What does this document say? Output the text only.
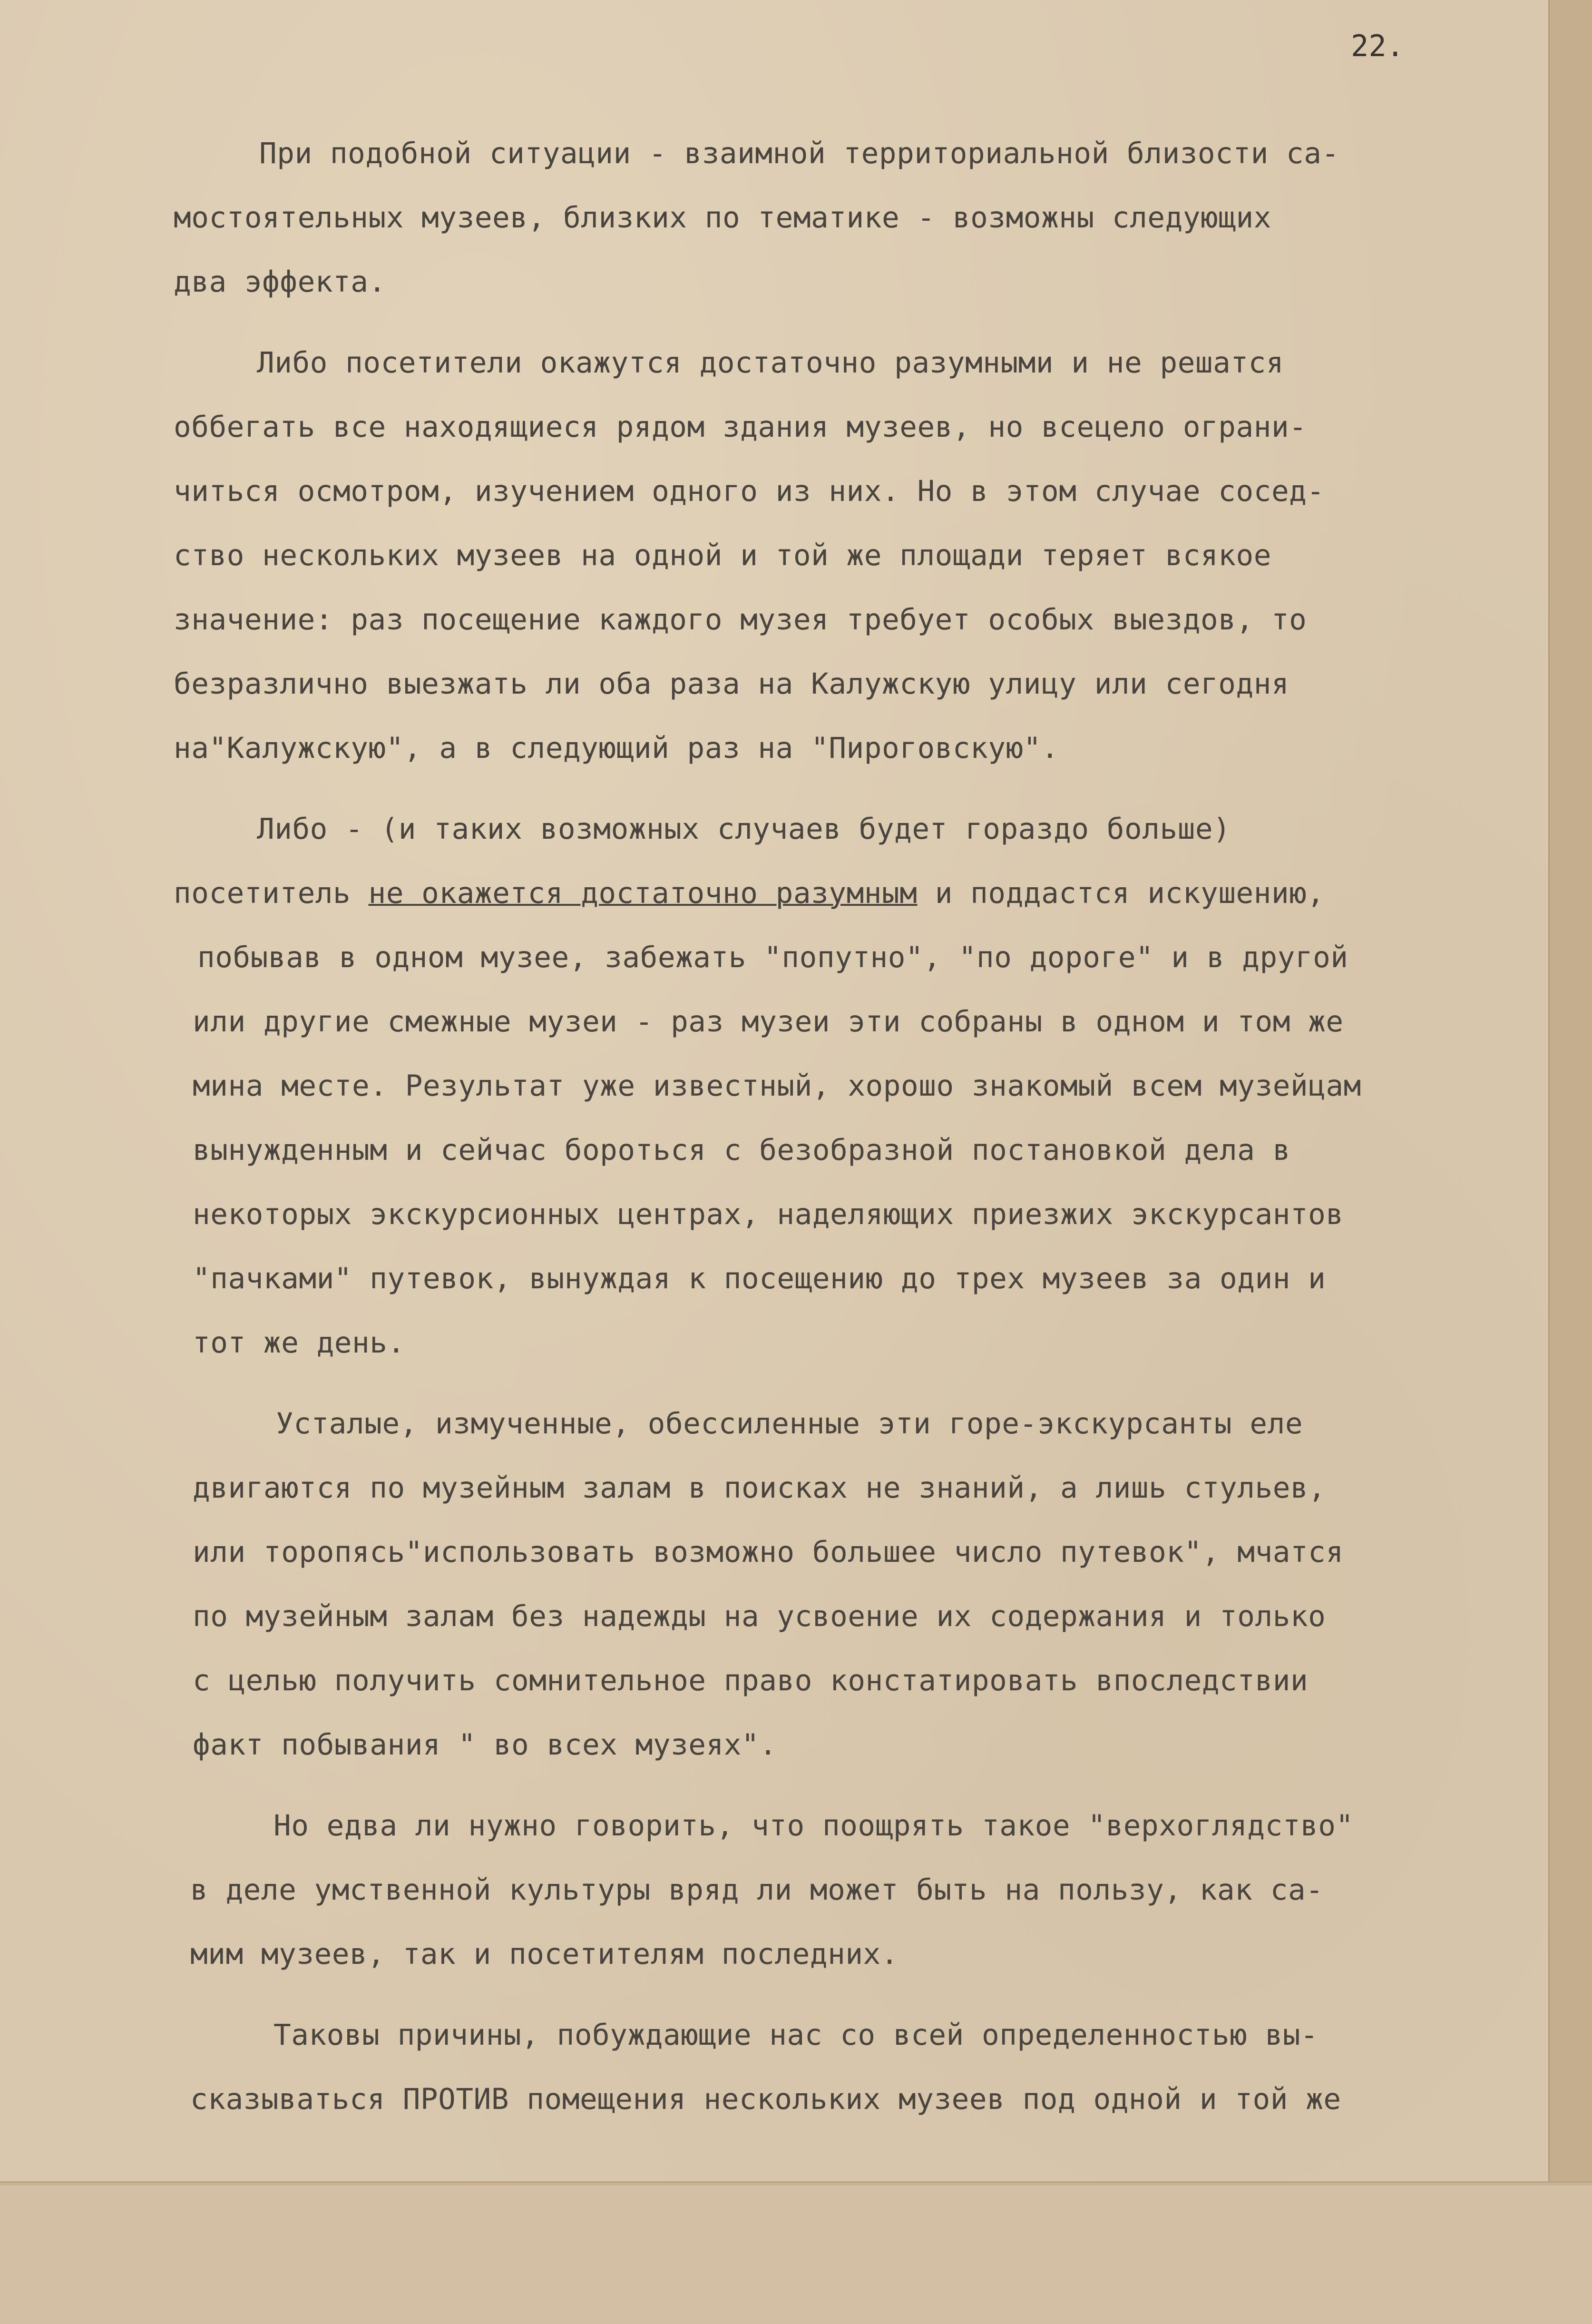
22.
При подобной ситуации - взаимной территориальной близости са-
мостоятельных музеев, близких по тематике - возможны следующих
два эффекта.
Либо посетители окажутся достаточно разумными и не решатся
оббегать все находящиеся рядом здания музеев, но всецело ограни-
читься осмотром, изучением одного из них. Но в этом случае сосед-
ство нескольких музеев на одной и той же площади теряет всякое
значение: раз посещение каждого музея требует особых выездов, то
безразлично выезжать ли оба раза на Калужскую улицу или сегодня
на"Калужскую", а в следующий раз на "Пироговскую".
Либо - (и таких возможных случаев будет гораздо больше)
посетитель не окажется достаточно разумным и поддастся искушению,
побывав в одном музее, забежать "попутно", "по дороге" и в другой
или другие смежные музеи - раз музеи эти собраны в одном и том же
мина месте. Результат уже известный, хорошо знакомый всем музейцам
вынужденным и сейчас бороться с безобразной постановкой дела в
некоторых экскурсионных центрах, наделяющих приезжих экскурсантов
"пачками" путевок, вынуждая к посещению до трех музеев за один и
тот же день.
Усталые, измученные, обессиленные эти горе-экскурсанты еле
двигаются по музейным залам в поисках не знаний, а лишь стульев,
или торопясь"использовать возможно большее число путевок", мчатся
по музейным залам без надежды на усвоение их содержания и только
с целью получить сомнительное право констатировать впоследствии
факт побывания " во всех музеях".
Но едва ли нужно говорить, что поощрять такое "верхоглядство"
в деле умственной культуры вряд ли может быть на пользу, как са-
мим музеев, так и посетителям последних.
Таковы причины, побуждающие нас со всей определенностью вы-
сказываться ПРОТИВ помещения нескольких музеев под одной и той же
